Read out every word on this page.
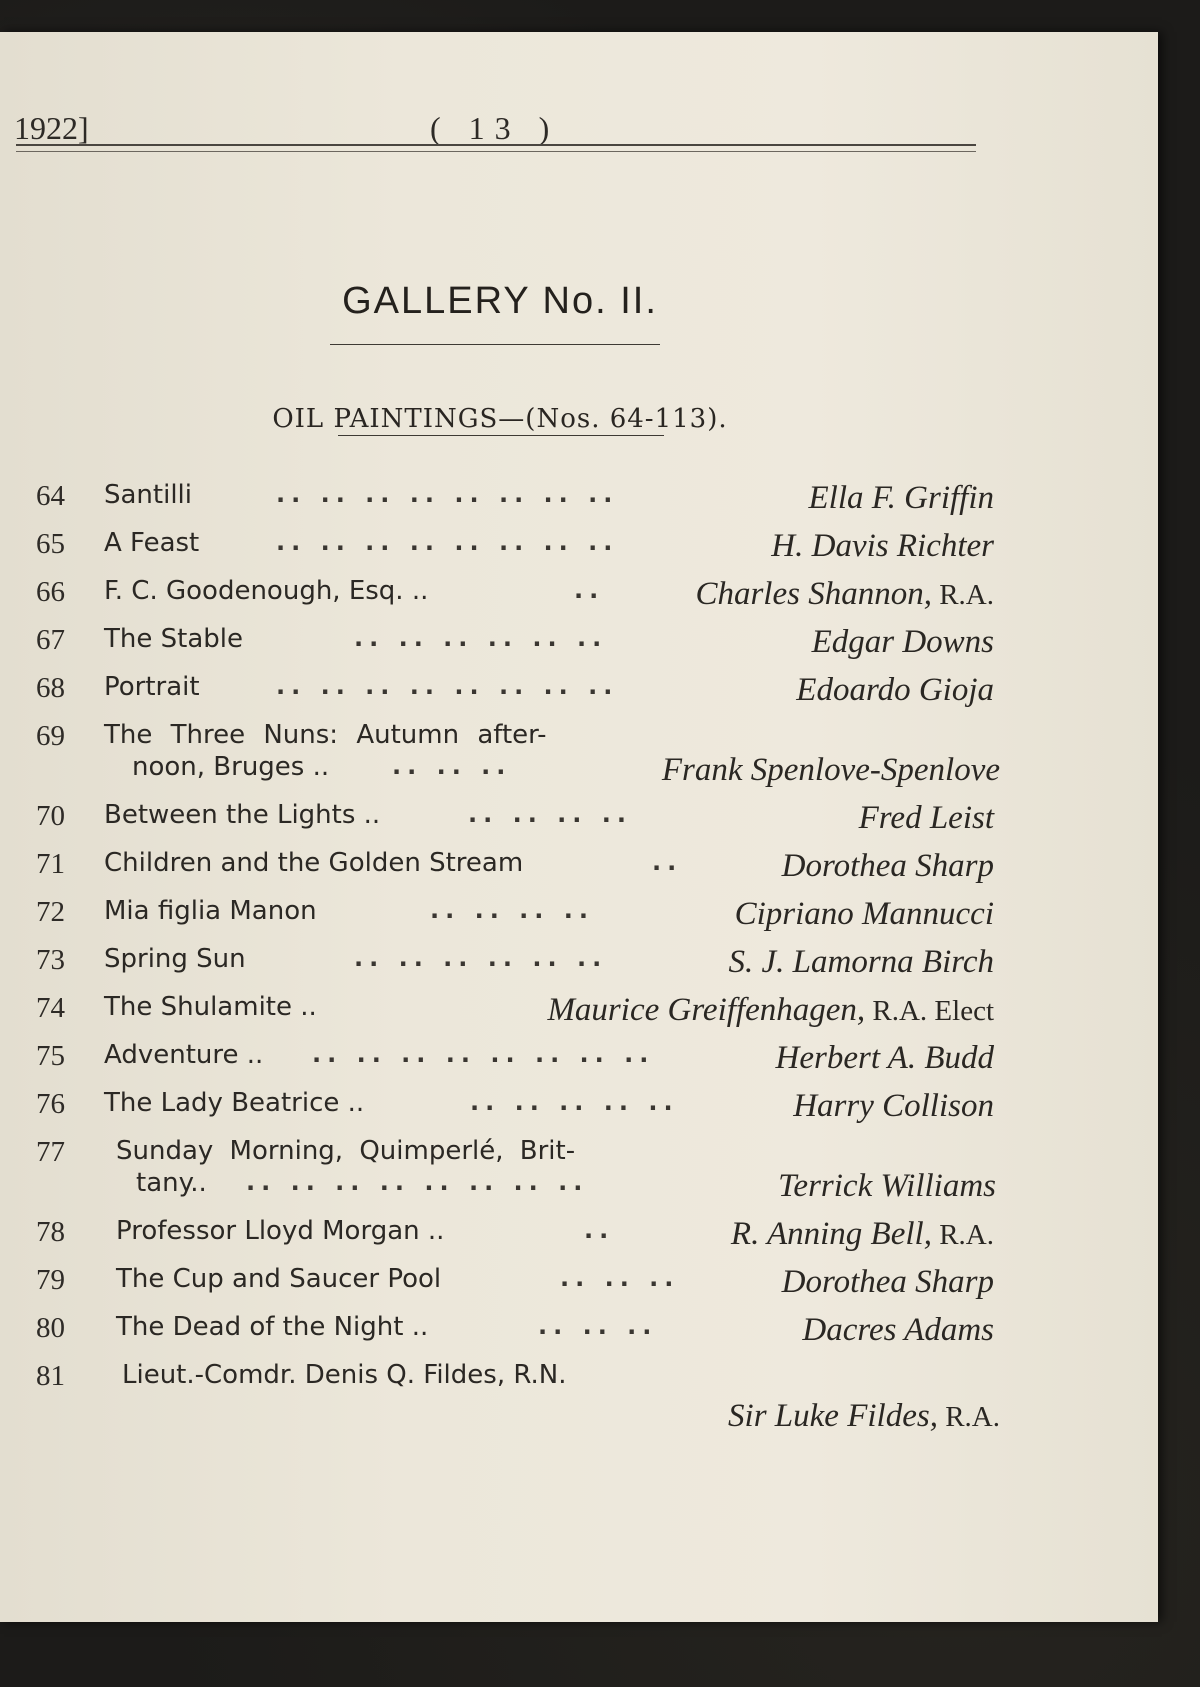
1922]	( 13 )
GALLERY No. II.
OIL PAINTINGS—(Nos. 64-113).
64	Santilli	.. .. .. .. .. .. .. ..	Ella F. Griffin
65	A Feast	.. .. .. .. .. .. .. ..	H. Davis Richter
66	F. C. Goodenough, Esq. ..	..	Charles Shannon, R.A.
67	The Stable	.. .. .. .. .. ..	Edgar Downs
68	Portrait	.. .. .. .. .. .. .. ..	Edoardo Gioja
69	The Three Nuns: Autumn after-
noon, Bruges ..	.. .. ..	Frank Spenlove-Spenlove
70	Between the Lights ..	.. .. .. ..	Fred Leist
71	Children and the Golden Stream	..	Dorothea Sharp
72	Mia figlia Manon	.. .. .. ..	Cipriano Mannucci
73	Spring Sun	.. .. .. .. .. ..	S. J. Lamorna Birch
74	The Shulamite ..	Maurice Greiffenhagen, R.A. Elect
75	Adventure .. .. .. .. .. .. .. .. ..	Herbert A. Budd
76	The Lady Beatrice ..	.. .. .. .. ..	Harry Collison
77	Sunday Morning, Quimperlé, Brit-
tany.. .. .. .. .. .. .. .. ..	Terrick Williams
78	Professor Lloyd Morgan ..	..	R. Anning Bell, R.A.
79	The Cup and Saucer Pool	.. .. ..	Dorothea Sharp
80	The Dead of the Night ..	.. .. ..	Dacres Adams
81	Lieut.-Comdr. Denis Q. Fildes, R.N.
Sir Luke Fildes, R.A.
